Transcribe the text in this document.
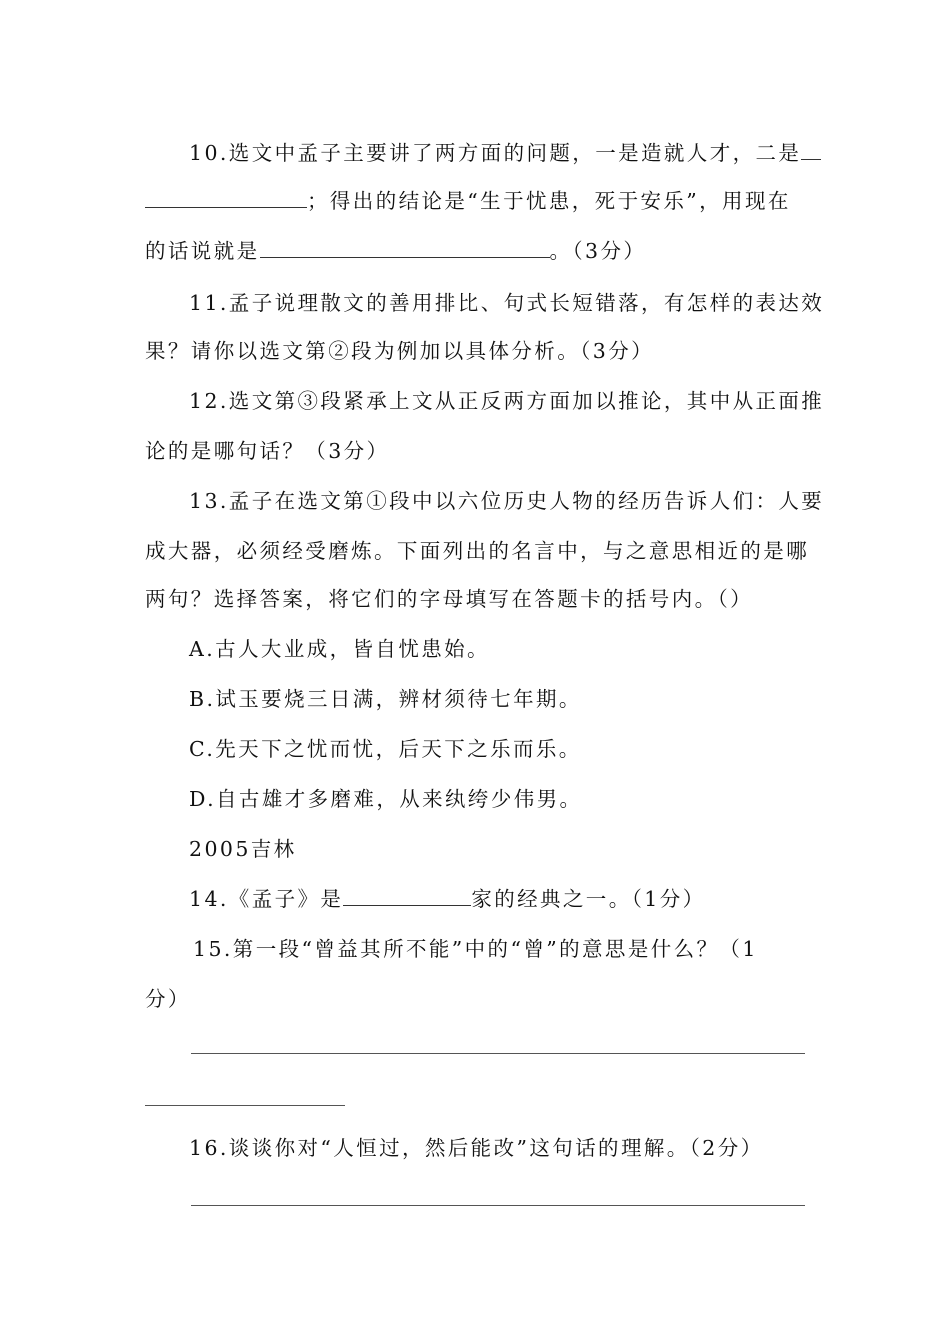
10.选文中孟子主要讲了两方面的问题，一是造就人才，二是
；得出的结论是“生于忧患，死于安乐”，用现在
的话说就是	。（3分）
11.孟子说理散文的善用排比、句式长短错落，有怎样的表达效
果？请你以选文第②段为例加以具体分析。（3分）
12.选文第③段紧承上文从正反两方面加以推论，其中从正面推
论的是哪句话？（3分）
13.孟子在选文第①段中以六位历史人物的经历告诉人们：人要
成大器，必须经受磨炼。下面列出的名言中，与之意思相近的是哪
两句？选择答案，将它们的字母填写在答题卡的括号内。（）
A.古人大业成，皆自忧患始。
B.试玉要烧三日满，辨材须待七年期。
C.先天下之忧而忧，后天下之乐而乐。
D.自古雄才多磨难，从来纨绔少伟男。
2005吉林
14.《孟子》是	家的经典之一。（1分）
15.第一段“曾益其所不能”中的“曾”的意思是什么？（1
分）
16.谈谈你对“人恒过，然后能改”这句话的理解。（2分）
